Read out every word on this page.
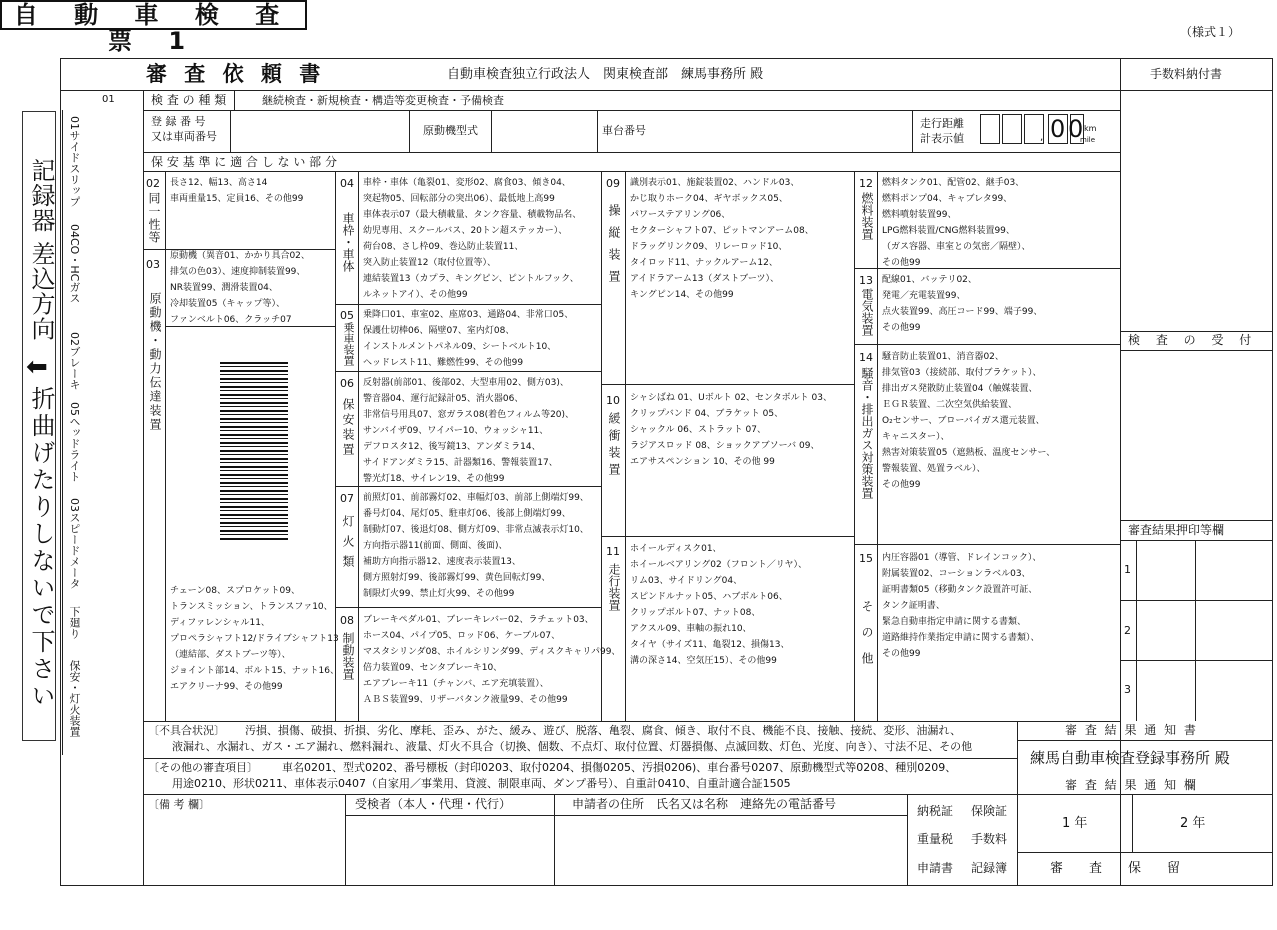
自 動 車 検 査 票 1	（様式１）
記録器 差込方向
⬅
折曲げたりしないで下さい
審 査 依 頼 書	自動車検査独立行政法人　関東検査部　練馬事務所 殿	手数料納付書
01
01サイドスリップ
04CO・HCガス
02ブレーキ
05ヘッドライト
03スピードメータ
下廻り
保安・灯火装置
検 査 の 種 類	継続検査・新規検査・構造等変更検査・予備検査
登 録 番 号
又は車両番号	原動機型式	車台番号
走行距離
計表示値	, 0 0 km
mile
保 安 基 準 に 適 合 し な い 部 分
02
同一性等
長さ12、幅13、高さ14
車両重量15、定員16、その他99
03
原動機・動力伝達装置
原動機（異音01、かかり具合02、
排気の色03）、速度抑制装置99、
NR装置99、潤滑装置04、
冷却装置05（キャップ等）、
ファンベルト06、クラッチ07
チェーン08、スプロケット09、
トランスミッション、トランスファ10、
ディファレンシャル11、
プロペラシャフト12/ドライブシャフト13
（連結部、ダストブーツ等）、
ジョイント部14、ボルト15、ナット16、
エアクリーナ99、その他99
04
車枠・車体
車枠・車体（亀裂01、変形02、腐食03、傾き04、
突起物05、回転部分の突出06）、最低地上高99
車体表示07（最大積載量、タンク容量、積載物品名、
幼児専用、スクールバス、20トン超ステッカー）、
荷台08、さし枠09、巻込防止装置11、
突入防止装置12（取付位置等）、
連結装置13（カプラ、キングピン、ピントルフック、
ルネットアイ）、その他99
05
乗車装置
乗降口01、車室02、座席03、通路04、非常口05、
保護仕切棒06、隔壁07、室内灯08、
インストルメントパネル09、シートベルト10、
ヘッドレスト11、難燃性99、その他99
06
保安装置
反射器(前部01、後部02、大型車用02、側方03)、
警音器04、運行記録計05、消火器06、
非常信号用具07、窓ガラス08(着色フィルム等20)、
サンバイザ09、ワイパー10、ウォッシャ11、
デフロスタ12、後写鏡13、アンダミラ14、
サイドアンダミラ15、計器類16、警報装置17、
警光灯18、サイレン19、その他99
07
灯火類
前照灯01、前部霧灯02、車幅灯03、前部上側端灯99、
番号灯04、尾灯05、駐車灯06、後部上側端灯99、
制動灯07、後退灯08、側方灯09、非常点滅表示灯10、
方向指示器11(前面、側面、後面)、
補助方向指示器12、速度表示装置13、
側方照射灯99、後部霧灯99、黄色回転灯99、
制限灯火99、禁止灯火99、その他99
08
制動装置
ブレーキペダル01、ブレーキレバー02、ラチェット03、
ホース04、パイプ05、ロッド06、ケーブル07、
マスタシリンダ08、ホイルシリンダ99、ディスクキャリパ99、
倍力装置09、センタブレーキ10、
エアブレーキ11（チャンバ、エア充填装置）、
ＡＢＳ装置99、リザーバタンク液量99、その他99
09
操縦装置
識別表示01、施錠装置02、ハンドル03、
かじ取りホーク04、ギヤボックス05、
パワーステアリング06、
セクターシャフト07、ピットマンアーム08、
ドラッグリンク09、リレーロッド10、
タイロッド11、ナックルアーム12、
アイドラアーム13（ダストブーツ）、
キングピン14、その他99
10
緩衝装置
シャシばね 01、Uボルト 02、センタボルト 03、
クリップバンド 04、ブラケット 05、
シャックル 06、ストラット 07、
ラジアスロッド 08、ショックアブソーバ 09、
エアサスペンション 10、その他 99
11
走行装置
ホイールディスク01、
ホイールベアリング02（フロント／リヤ）、
リム03、サイドリング04、
スピンドルナット05、ハブボルト06、
クリップボルト07、ナット08、
アクスル09、車軸の振れ10、
タイヤ（サイズ11、亀裂12、損傷13、
溝の深さ14、空気圧15）、その他99
12
燃料装置
燃料タンク01、配管02、継手03、
燃料ポンプ04、キャブレタ99、
燃料噴射装置99、
LPG燃料装置/CNG燃料装置99、
（ガス容器、車室との気密／隔壁）、
その他99
13
電気装置
配線01、バッテリ02、
発電／充電装置99、
点火装置99、高圧コード99、端子99、
その他99
14
騒音・排出ガス対策装置
騒音防止装置01、消音器02、
排気管03（接続部、取付ブラケット）、
排出ガス発散防止装置04（触媒装置、
ＥＧＲ装置、二次空気供給装置、
O₂センサー、ブローバイガス還元装置、
キャニスター）、
熱害対策装置05（遮熱板、温度センサー、
警報装置、処置ラベル）、
その他99
15
その他
内圧容器01（導管、ドレインコック）、
附属装置02、コーションラベル03、
証明書類05（移動タンク設置許可証、
タンク証明書、
緊急自動車指定申請に関する書類、
道路維持作業指定申請に関する書類）、
その他99
検 査 の 受 付
審査結果押印等欄
1
2
3
〔不具合状況〕 汚損、損傷、破損、折損、劣化、摩耗、歪み、がた、緩み、遊び、脱落、亀裂、腐食、傾き、取付不良、機能不良、接触、接続、変形、油漏れ、
液漏れ、水漏れ、ガス・エア漏れ、燃料漏れ、液量、灯火不具合（切換、個数、不点灯、取付位置、灯器損傷、点滅回数、灯色、光度、向き）、寸法不足、その他
〔その他の審査項目〕 車名0201、型式0202、番号標板（封印0203、取付0204、損傷0205、汚損0206)、車台番号0207、原動機型式等0208、種別0209、
用途0210、形状0211、車体表示0407（自家用／事業用、貸渡、制限車両、ダンプ番号）、自重計0410、自重計適合証1505
審 査 結 果 通 知 書
練馬自動車検査登録事務所 殿
審 査 結 果 通 知 欄
1 年	2 年
審　　査　　保　　留
〔備 考 欄〕	受検者（本人・代理・代行）	申請者の住所　氏名又は名称　連絡先の電話番号	納税証 保険証
重量税 手数料
申請書 記録簿
